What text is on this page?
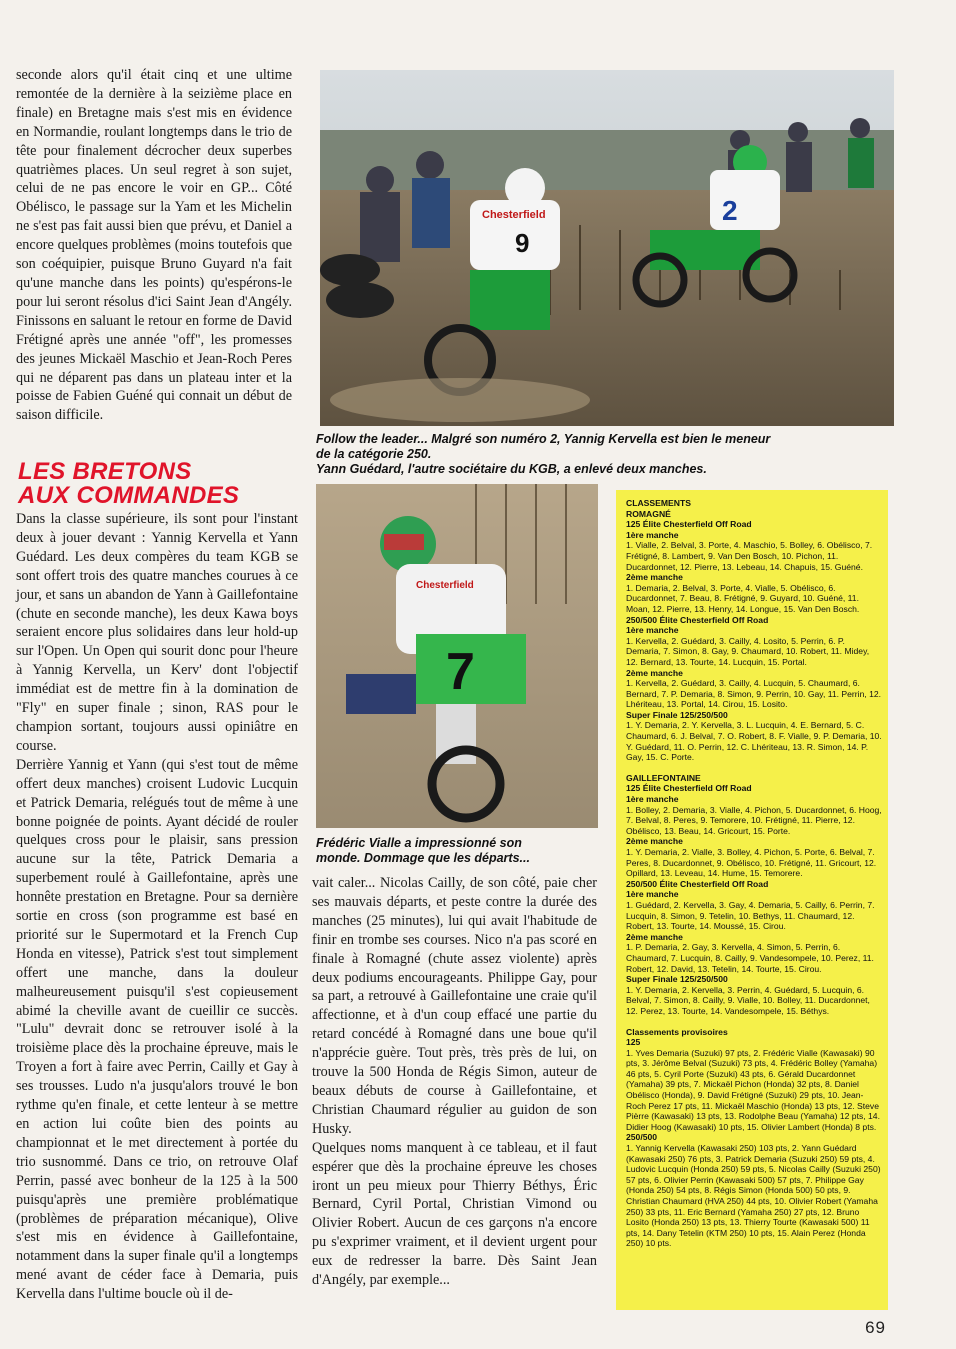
seconde alors qu'il était cinq et une ultime remontée de la dernière à la seizième place en finale) en Bretagne mais s'est mis en évidence en Normandie, roulant longtemps dans le trio de tête pour finalement décrocher deux superbes quatrièmes places. Un seul regret à son sujet, celui de ne pas encore le voir en GP... Côté Obélisco, le passage sur la Yam et les Michelin ne s'est pas fait aussi bien que prévu, et Daniel a encore quelques problèmes (moins toutefois que son coéquipier, puisque Bruno Guyard n'a fait qu'une manche dans les points) qu'espérons-le pour lui seront résolus d'ici Saint Jean d'Angély. Finissons en saluant le retour en forme de David Frétigné après une année "off", les promesses des jeunes Mickaël Maschio et Jean-Roch Peres qui ne déparent pas dans un plateau inter et la poisse de Fabien Guéné qui connait un début de saison difficile.

LES BRETONS
AUX COMMANDES

Dans la classe supérieure, ils sont pour l'instant deux à jouer devant : Yannig Kervella et Yann Guédard. Les deux compères du team KGB se sont offert trois des quatre manches courues à ce jour, et sans un abandon de Yann à Gaillefontaine (chute en seconde manche), les deux Kawa boys seraient encore plus solidaires dans leur hold-up sur l'Open. Un Open qui sourit donc pour l'heure à Yannig Kervella, un Kerv' dont l'objectif immédiat est de mettre fin à la domination de "Fly" en super finale ; sinon, RAS pour le champion sortant, toujours aussi opiniâtre en course.

Derrière Yannig et Yann (qui s'est tout de même offert deux manches) croisent Ludovic Lucquin et Patrick Demaria, relégués tout de même à une bonne poignée de points. Ayant décidé de rouler quelques cross pour le plaisir, sans pression aucune sur la tête, Patrick Demaria a superbement roulé à Gaillefontaine, après une honnête prestation en Bretagne. Pour sa dernière sortie en cross (son programme est basé en priorité sur le Supermotard et la French Cup Honda en vitesse), Patrick s'est tout simplement offert une manche, dans la douleur malheureusement puisqu'il s'est copieusement abimé la cheville avant de cueillir ce succès. "Lulu" devrait donc se retrouver isolé à la troisième place dès la prochaine épreuve, mais le Troyen a fort à faire avec Perrin, Cailly et Gay à ses trousses. Ludo n'a jusqu'alors trouvé le bon rythme qu'en finale, et cette lenteur à se mettre en action lui coûte bien des points au championnat et le met directement à portée du trio susnommé. Dans ce trio, on retrouve Olaf Perrin, passé avec bonheur de la 125 à la 500 puisqu'après une première problématique (problèmes de préparation mécanique), Olive s'est mis en évidence à Gaillefontaine, notamment dans la super finale qu'il a longtemps mené avant de céder face à Demaria, puis Kervella dans l'ultime boucle où il de-

9
Chesterfield	2
Follow the leader... Malgré son numéro 2, Yannig Kervella est bien le meneur
de la catégorie 250.
Yann Guédard, l'autre sociétaire du KGB, a enlevé deux manches.
Chesterfield
7
Frédéric Vialle a impressionné son
monde. Dommage que les départs...

vait caler... Nicolas Cailly, de son côté, paie cher ses mauvais départs, et peste contre la durée des manches (25 minutes), lui qui avait l'habitude de finir en trombe ses courses. Nico n'a pas scoré en finale à Romagné (chute assez violente) après deux podiums encourageants. Philippe Gay, pour sa part, a retrouvé à Gaillefontaine une craie qu'il affectionne, et à d'un coup effacé une partie du retard concédé à Romagné dans une boue qu'il n'apprécie guère. Tout près, très près de lui, on trouve la 500 Honda de Régis Simon, auteur de beaux débuts de course à Gaillefontaine, et Christian Chaumard régulier au guidon de son Husky.

Quelques noms manquent à ce tableau, et il faut espérer que dès la prochaine épreuve les choses iront un peu mieux pour Thierry Béthys, Éric Bernard, Cyril Portal, Christian Vimond ou Olivier Robert. Aucun de ces garçons n'a encore pu s'exprimer vraiment, et il devient urgent pour eux de redresser la barre. Dès Saint Jean d'Angély, par exemple...

CLASSEMENTS
ROMAGNÉ
125 Élite Chesterfield Off Road
1ère manche
1. Vialle, 2. Belval, 3. Porte, 4. Maschio, 5. Bolley, 6. Obélisco, 7. Frétigné, 8. Lambert, 9. Van Den Bosch, 10. Pichon, 11. Ducardonnet, 12. Pierre, 13. Lebeau, 14. Chapuis, 15. Guéné.
2ème manche
1. Demaria, 2. Belval, 3. Porte, 4. Vialle, 5. Obélisco, 6. Ducardonnet, 7. Beau, 8. Frétigné, 9. Guyard, 10. Guéné, 11. Moan, 12. Pierre, 13. Henry, 14. Longue, 15. Van Den Bosch.
250/500 Élite Chesterfield Off Road
1ère manche
1. Kervella, 2. Guédard, 3. Cailly, 4. Losito, 5. Perrin, 6. P. Demaria, 7. Simon, 8. Gay, 9. Chaumard, 10. Robert, 11. Midey, 12. Bernard, 13. Tourte, 14. Lucquin, 15. Portal.
2ème manche
1. Kervella, 2. Guédard, 3. Cailly, 4. Lucquin, 5. Chaumard, 6. Bernard, 7. P. Demaria, 8. Simon, 9. Perrin, 10. Gay, 11. Perrin, 12. Lhériteau, 13. Portal, 14. Cirou, 15. Losito.
Super Finale 125/250/500
1. Y. Demaria, 2. Y. Kervella, 3. L. Lucquin, 4. E. Bernard, 5. C. Chaumard, 6. J. Belval, 7. O. Robert, 8. F. Vialle, 9. P. Demaria, 10. Y. Guédard, 11. O. Perrin, 12. C. Lhériteau, 13. R. Simon, 14. P. Gay, 15. C. Porte.
GAILLEFONTAINE
125 Élite Chesterfield Off Road
1ère manche
1. Bolley, 2. Demaria, 3. Vialle, 4. Pichon, 5. Ducardonnet, 6. Hoog, 7. Belval, 8. Peres, 9. Temorere, 10. Frétigné, 11. Pierre, 12. Obélisco, 13. Beau, 14. Gricourt, 15. Porte.
2ème manche
1. Y. Demaria, 2. Vialle, 3. Bolley, 4. Pichon, 5. Porte, 6. Belval, 7. Peres, 8. Ducardonnet, 9. Obélisco, 10. Frétigné, 11. Gricourt, 12. Opillard, 13. Leveau, 14. Hume, 15. Temorere.
250/500 Élite Chesterfield Off Road
1ère manche
1. Guédard, 2. Kervella, 3. Gay, 4. Demaria, 5. Cailly, 6. Perrin, 7. Lucquin, 8. Simon, 9. Tetelin, 10. Bethys, 11. Chaumard, 12. Robert, 13. Tourte, 14. Moussé, 15. Cirou.
2ème manche
1. P. Demaria, 2. Gay, 3. Kervella, 4. Simon, 5. Perrin, 6. Chaumard, 7. Lucquin, 8. Cailly, 9. Vandesompele, 10. Perez, 11. Robert, 12. David, 13. Tetelin, 14. Tourte, 15. Cirou.
Super Finale 125/250/500
1. Y. Demaria, 2. Kervella, 3. Perrin, 4. Guédard, 5. Lucquin, 6. Belval, 7. Simon, 8. Cailly, 9. Vialle, 10. Bolley, 11. Ducardonnet, 12. Perez, 13. Tourte, 14. Vandesompele, 15. Béthys.
Classements provisoires
125
1. Yves Demaria (Suzuki) 97 pts, 2. Frédéric Vialle (Kawasaki) 90 pts, 3. Jérôme Belval (Suzuki) 73 pts, 4. Frédéric Bolley (Yamaha) 46 pts, 5. Cyril Porte (Suzuki) 43 pts, 6. Gérald Ducardonnet (Yamaha) 39 pts, 7. Mickaël Pichon (Honda) 32 pts, 8. Daniel Obélisco (Honda), 9. David Frétigné (Suzuki) 29 pts, 10. Jean-Roch Perez 17 pts, 11. Mickaël Maschio (Honda) 13 pts, 12. Steve Pièrre (Kawasaki) 13 pts, 13. Rodolphe Beau (Yamaha) 12 pts, 14. Didier Hoog (Kawasaki) 10 pts, 15. Olivier Lambert (Honda) 8 pts.
250/500
1. Yannig Kervella (Kawasaki 250) 103 pts, 2. Yann Guédard (Kawasaki 250) 76 pts, 3. Patrick Demaria (Suzuki 250) 59 pts, 4. Ludovic Lucquin (Honda 250) 59 pts, 5. Nicolas Cailly (Suzuki 250) 57 pts, 6. Olivier Perrin (Kawasaki 500) 57 pts, 7. Philippe Gay (Honda 250) 54 pts, 8. Régis Simon (Honda 500) 50 pts, 9. Christian Chaumard (HVA 250) 44 pts, 10. Olivier Robert (Yamaha 250) 33 pts, 11. Eric Bernard (Yamaha 250) 27 pts, 12. Bruno Losito (Honda 250) 13 pts, 13. Thierry Tourte (Kawasaki 500) 11 pts, 14. Dany Tetelin (KTM 250) 10 pts, 15. Alain Perez (Honda 250) 10 pts.
69
